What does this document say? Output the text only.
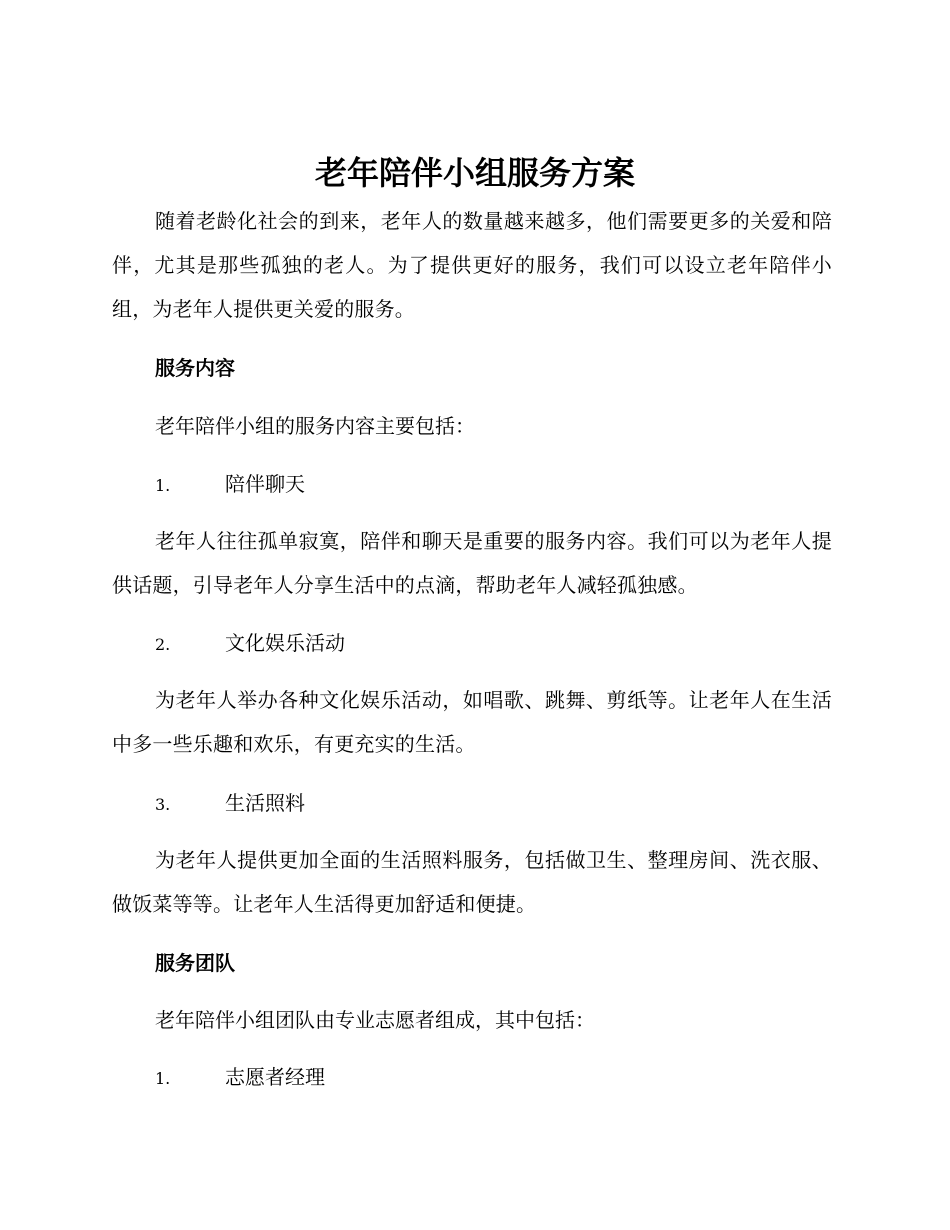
老年陪伴小组服务方案
随着老龄化社会的到来，老年人的数量越来越多，他们需要更多的关爱和陪伴，尤其是那些孤独的老人。为了提供更好的服务，我们可以设立老年陪伴小组，为老年人提供更关爱的服务。
服务内容
老年陪伴小组的服务内容主要包括：
1.	陪伴聊天
老年人往往孤单寂寞，陪伴和聊天是重要的服务内容。我们可以为老年人提供话题，引导老年人分享生活中的点滴，帮助老年人减轻孤独感。
2.	文化娱乐活动
为老年人举办各种文化娱乐活动，如唱歌、跳舞、剪纸等。让老年人在生活中多一些乐趣和欢乐，有更充实的生活。
3.	生活照料
为老年人提供更加全面的生活照料服务，包括做卫生、整理房间、洗衣服、做饭菜等等。让老年人生活得更加舒适和便捷。
服务团队
老年陪伴小组团队由专业志愿者组成，其中包括：
1.	志愿者经理
